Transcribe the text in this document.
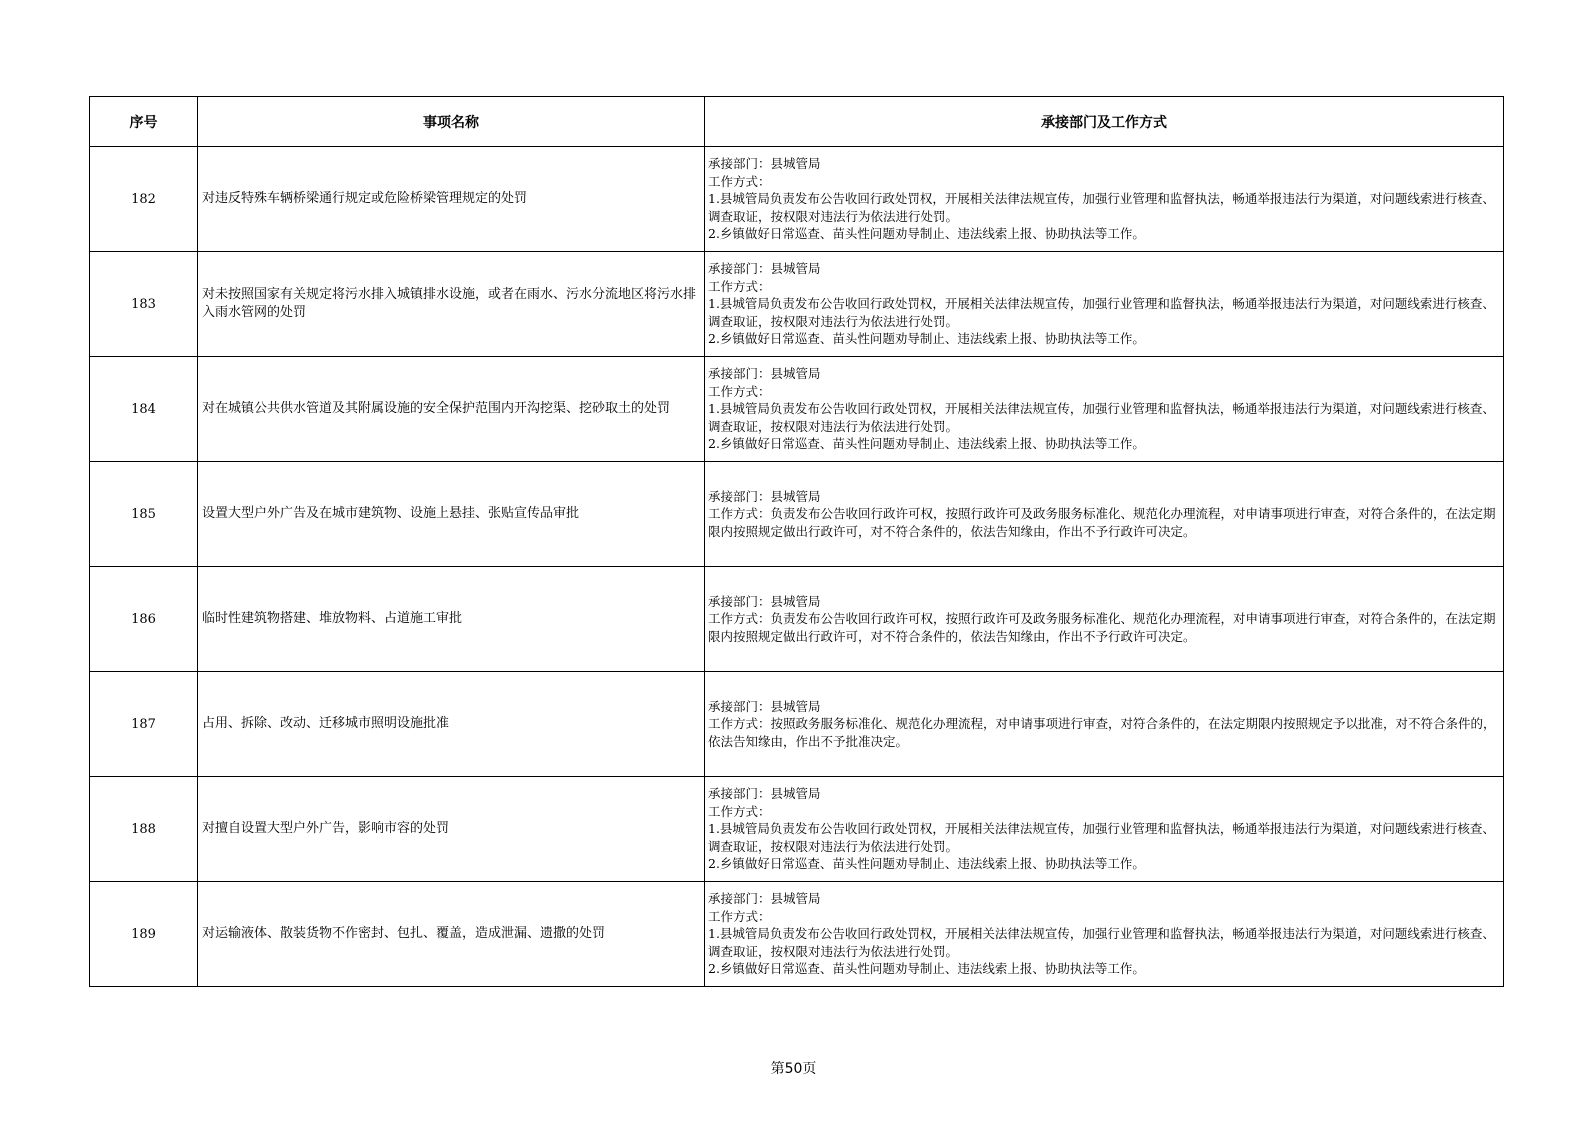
序号	事项名称	承接部门及工作方式
182	对违反特殊车辆桥梁通行规定或危险桥梁管理规定的处罚	承接部门：县城管局
工作方式：
1.县城管局负责发布公告收回行政处罚权，开展相关法律法规宣传，加强行业管理和监督执法，畅通举报违法行为渠道，对问题线索进行核查、调查取证，按权限对违法行为依法进行处罚。
2.乡镇做好日常巡查、苗头性问题劝导制止、违法线索上报、协助执法等工作。

183	对未按照国家有关规定将污水排入城镇排水设施，或者在雨水、污水分流地区将污水排入雨水管网的处罚	承接部门：县城管局
工作方式：
1.县城管局负责发布公告收回行政处罚权，开展相关法律法规宣传，加强行业管理和监督执法，畅通举报违法行为渠道，对问题线索进行核查、调查取证，按权限对违法行为依法进行处罚。
2.乡镇做好日常巡查、苗头性问题劝导制止、违法线索上报、协助执法等工作。

184	对在城镇公共供水管道及其附属设施的安全保护范围内开沟挖渠、挖砂取土的处罚	承接部门：县城管局
工作方式：
1.县城管局负责发布公告收回行政处罚权，开展相关法律法规宣传，加强行业管理和监督执法，畅通举报违法行为渠道，对问题线索进行核查、调查取证，按权限对违法行为依法进行处罚。
2.乡镇做好日常巡查、苗头性问题劝导制止、违法线索上报、协助执法等工作。

185	设置大型户外广告及在城市建筑物、设施上悬挂、张贴宣传品审批	承接部门：县城管局
工作方式：负责发布公告收回行政许可权，按照行政许可及政务服务标准化、规范化办理流程，对申请事项进行审查，对符合条件的，在法定期限内按照规定做出行政许可，对不符合条件的，依法告知缘由，作出不予行政许可决定。

186	临时性建筑物搭建、堆放物料、占道施工审批	承接部门：县城管局
工作方式：负责发布公告收回行政许可权，按照行政许可及政务服务标准化、规范化办理流程，对申请事项进行审查，对符合条件的，在法定期限内按照规定做出行政许可，对不符合条件的，依法告知缘由，作出不予行政许可决定。

187	占用、拆除、改动、迁移城市照明设施批准	承接部门：县城管局
工作方式：按照政务服务标准化、规范化办理流程，对申请事项进行审查，对符合条件的，在法定期限内按照规定予以批准，对不符合条件的，依法告知缘由，作出不予批准决定。

188	对擅自设置大型户外广告，影响市容的处罚	承接部门：县城管局
工作方式：
1.县城管局负责发布公告收回行政处罚权，开展相关法律法规宣传，加强行业管理和监督执法，畅通举报违法行为渠道，对问题线索进行核查、调查取证，按权限对违法行为依法进行处罚。
2.乡镇做好日常巡查、苗头性问题劝导制止、违法线索上报、协助执法等工作。

189	对运输液体、散装货物不作密封、包扎、覆盖，造成泄漏、遗撒的处罚	承接部门：县城管局
工作方式：
1.县城管局负责发布公告收回行政处罚权，开展相关法律法规宣传，加强行业管理和监督执法，畅通举报违法行为渠道，对问题线索进行核查、调查取证，按权限对违法行为依法进行处罚。
2.乡镇做好日常巡查、苗头性问题劝导制止、违法线索上报、协助执法等工作。
第50页
